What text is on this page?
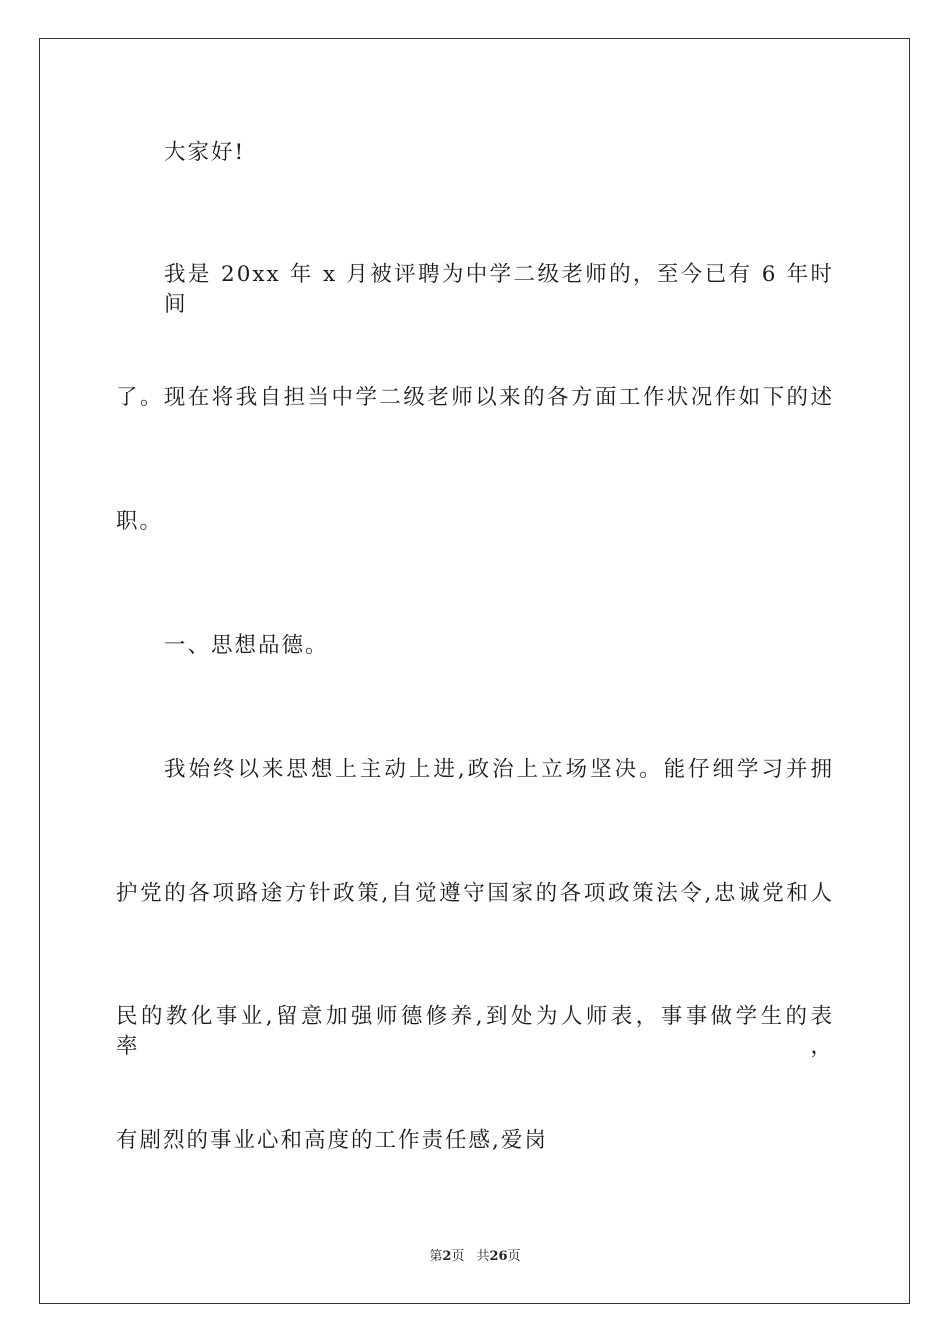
大家好!
我是 20xx 年 x 月被评聘为中学二级老师的，至今已有 6 年时间
了。现在将我自担当中学二级老师以来的各方面工作状况作如下的述
职。
一、思想品德。
我始终以来思想上主动上进,政治上立场坚决。能仔细学习并拥
护党的各项路途方针政策,自觉遵守国家的各项政策法令,忠诚党和人
民的教化事业,留意加强师德修养,到处为人师表，事事做学生的表率，
有剧烈的事业心和高度的工作责任感,爱岗
第2页 共26页
